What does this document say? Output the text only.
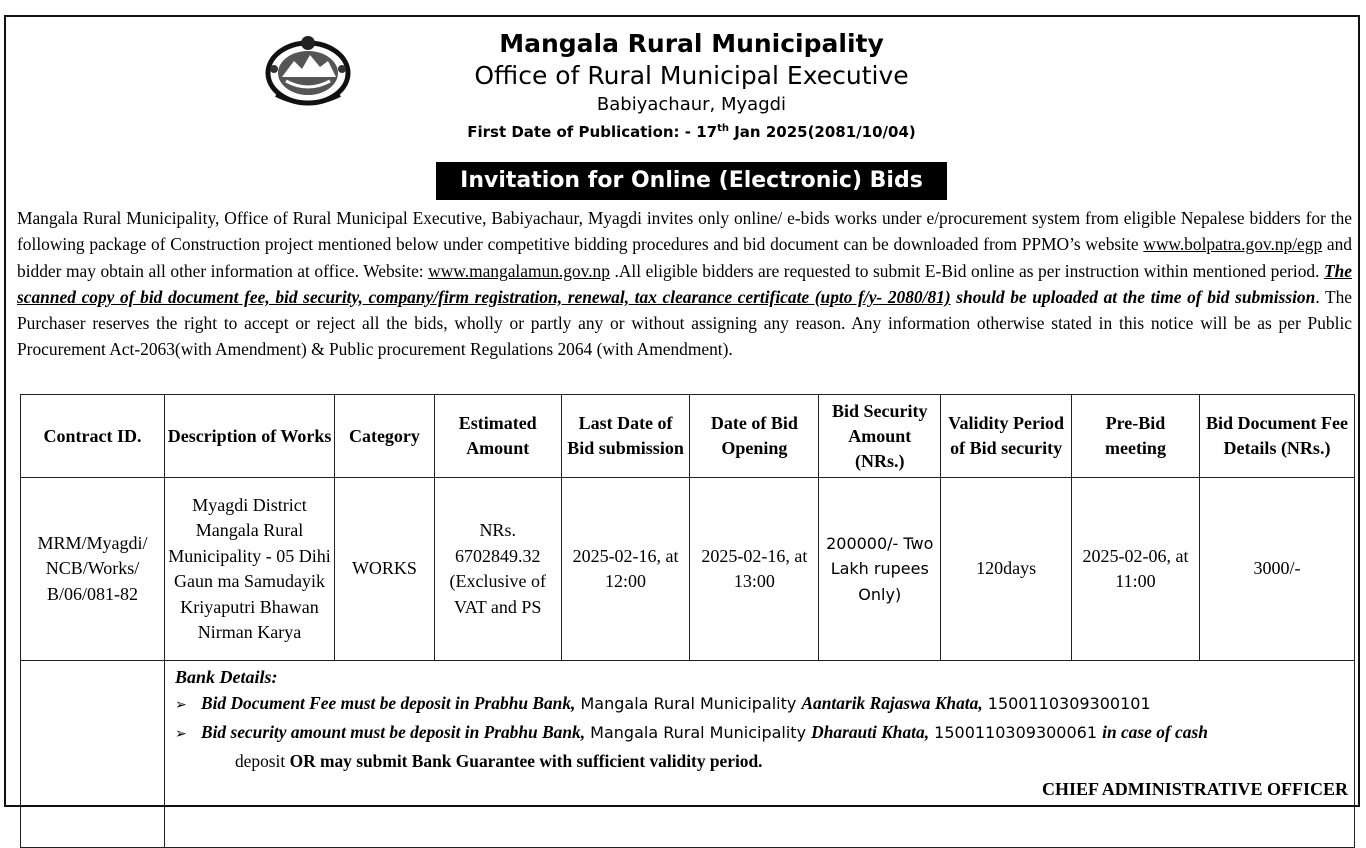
Mangala Rural Municipality
Office of Rural Municipal Executive
Babiyachaur, Myagdi
First Date of Publication: - 17th Jan 2025(2081/10/04)
Invitation for Online (Electronic) Bids
Mangala Rural Municipality, Office of Rural Municipal Executive, Babiyachaur, Myagdi invites only online/ e-bids works under e/procurement system from eligible Nepalese bidders for the following package of Construction project mentioned below under competitive bidding procedures and bid document can be downloaded from PPMO’s website www.bolpatra.gov.np/egp and bidder may obtain all other information at office. Website: www.mangalamun.gov.np .All eligible bidders are requested to submit E-Bid online as per instruction within mentioned period. The scanned copy of bid document fee, bid security, company/firm registration, renewal, tax clearance certificate (upto f/y- 2080/81) should be uploaded at the time of bid submission. The Purchaser reserves the right to accept or reject all the bids, wholly or partly any or without assigning any reason. Any information otherwise stated in this notice will be as per Public Procurement Act-2063(with Amendment) & Public procurement Regulations 2064 (with Amendment).
Contract ID.	Description of Works	Category	Estimated Amount	Last Date of Bid submission	Date of Bid Opening	Bid Security Amount (NRs.)	Validity Period of Bid security	Pre-Bid meeting	Bid Document Fee Details (NRs.)
MRM/Myagdi/ NCB/Works/ B/06/081-82	Myagdi District Mangala Rural Municipality - 05 Dihi Gaun ma Samudayik Kriyaputri Bhawan Nirman Karya	WORKS	NRs. 6702849.32 (Exclusive of VAT and PS	2025-02-16, at 12:00	2025-02-16, at 13:00	200000/- Two Lakh rupees Only)	120days	2025-02-06, at 11:00	3000/-

	Bank Details:
➢ Bid Document Fee must be deposit in Prabhu Bank, Mangala Rural Municipality Aantarik Rajaswa Khata, 1500110309300101
➢ Bid security amount must be deposit in Prabhu Bank, Mangala Rural Municipality Dharauti Khata, 1500110309300061 in case of cash
deposit OR may submit Bank Guarantee with sufficient validity period.
CHIEF ADMINISTRATIVE OFFICER								
